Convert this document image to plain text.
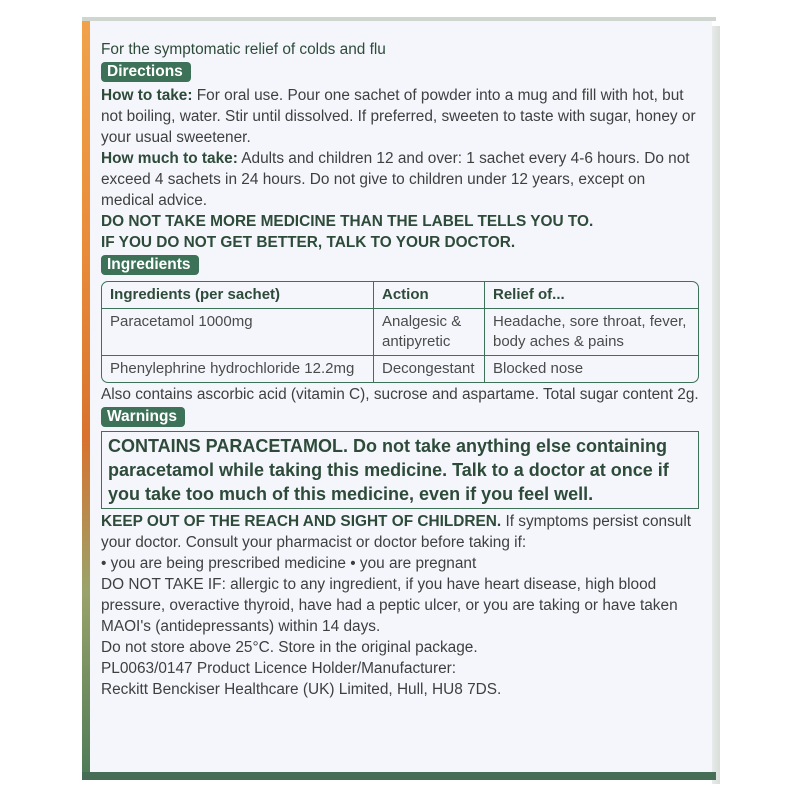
For the symptomatic relief of colds and flu

Directions

How to take: For oral use. Pour one sachet of powder into a mug and fill with hot, but not boiling, water. Stir until dissolved. If preferred, sweeten to taste with sugar, honey or your usual sweetener.

How much to take: Adults and children 12 and over: 1 sachet every 4-6 hours. Do not exceed 4 sachets in 24 hours. Do not give to children under 12 years, except on medical advice.

DO NOT TAKE MORE MEDICINE THAN THE LABEL TELLS YOU TO.

IF YOU DO NOT GET BETTER, TALK TO YOUR DOCTOR.

Ingredients
Ingredients (per sachet)	Action	Relief of...
Paracetamol 1000mg	Analgesic & antipyretic	Headache, sore throat, fever, body aches & pains
Phenylephrine hydrochloride 12.2mg	Decongestant	Blocked nose

Also contains ascorbic acid (vitamin C), sucrose and aspartame. Total sugar content 2g.

Warnings
CONTAINS PARACETAMOL. Do not take anything else containing paracetamol while taking this medicine. Talk to a doctor at once if you take too much of this medicine, even if you feel well.

KEEP OUT OF THE REACH AND SIGHT OF CHILDREN. If symptoms persist consult your doctor. Consult your pharmacist or doctor before taking if:

• you are being prescribed medicine • you are pregnant

DO NOT TAKE IF: allergic to any ingredient, if you have heart disease, high blood pressure, overactive thyroid, have had a peptic ulcer, or you are taking or have taken MAOI's (antidepressants) within 14 days.

Do not store above 25°C. Store in the original package.

PL0063/0147 Product Licence Holder/Manufacturer:

Reckitt Benckiser Healthcare (UK) Limited, Hull, HU8 7DS.
